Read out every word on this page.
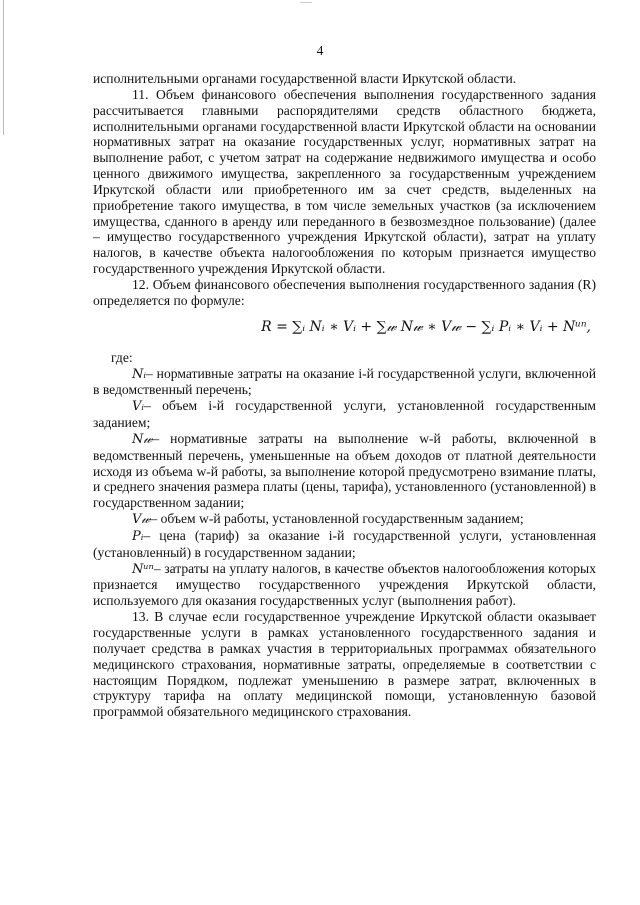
4

исполнительными органами государственной власти Иркутской области.

11. Объем финансового обеспечения выполнения государственного задания рассчитывается главными распорядителями средств областного бюджета, исполнительными органами государственной власти Иркутской области на основании нормативных затрат на оказание государственных услуг, нормативных затрат на выполнение работ, с учетом затрат на содержание недвижимого имущества и особо ценного движимого имущества, закрепленного за государственным учреждением Иркутской области или приобретенного им за счет средств, выделенных на приобретение такого имущества, в том числе земельных участков (за исключением имущества, сданного в аренду или переданного в безвозмездное пользование) (далее – имущество государственного учреждения Иркутской области), затрат на уплату налогов, в качестве объекта налогообложения по которым признается имущество государственного учреждения Иркутской области.

12. Объем финансового обеспечения выполнения государственного задания (R) определяется по формуле:

R = ∑ᵢ Nᵢ ∗ Vᵢ + ∑𝓌 N𝓌 ∗ V𝓌 − ∑ᵢ Pᵢ ∗ Vᵢ + Nᵘⁿ,

где:

Nᵢ– нормативные затраты на оказание i-й государственной услуги, включенной в ведомственный перечень;

Vᵢ– объем i-й государственной услуги, установленной государственным заданием;

N𝓌– нормативные затраты на выполнение w-й работы, включенной в ведомственный перечень, уменьшенные на объем доходов от платной деятельности исходя из объема w-й работы, за выполнение которой предусмотрено взимание платы, и среднего значения размера платы (цены, тарифа), установленного (установленной) в государственном задании;

V𝓌– объем w-й работы, установленной государственным заданием;

Pᵢ– цена (тариф) за оказание i-й государственной услуги, установленная (установленный) в государственном задании;

Nᵘⁿ– затраты на уплату налогов, в качестве объектов налогообложения которых признается имущество государственного учреждения Иркутской области, используемого для оказания государственных услуг (выполнения работ).

13. В случае если государственное учреждение Иркутской области оказывает государственные услуги в рамках установленного государственного задания и получает средства в рамках участия в территориальных программах обязательного медицинского страхования, нормативные затраты, определяемые в соответствии с настоящим Порядком, подлежат уменьшению в размере затрат, включенных в структуру тарифа на оплату медицинской помощи, установленную базовой программой обязательного медицинского страхования.
